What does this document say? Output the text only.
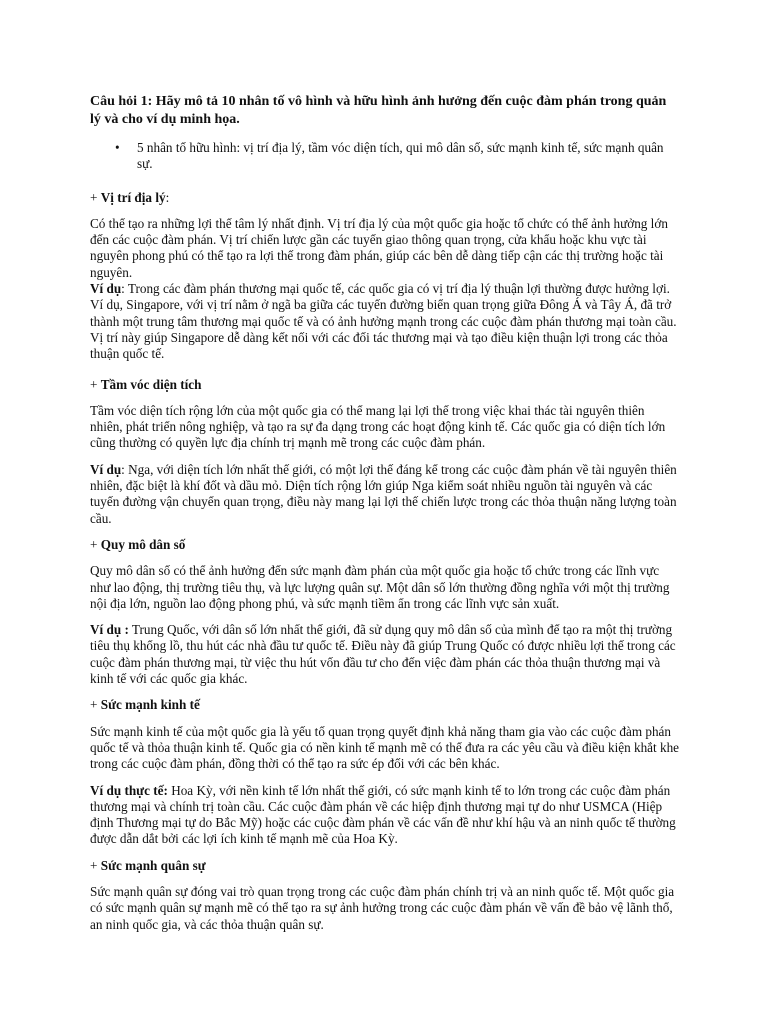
Câu hỏi 1: Hãy mô tả 10 nhân tố vô hình và hữu hình ảnh hưởng đến cuộc đàm phán trong quản lý và cho ví dụ minh họa.

•	5 nhân tố hữu hình: vị trí địa lý, tầm vóc diện tích, qui mô dân số, sức mạnh kinh tế, sức mạnh quân sự.

+ Vị trí địa lý:

Có thể tạo ra những lợi thế tâm lý nhất định. Vị trí địa lý của một quốc gia hoặc tổ chức có thể ảnh hưởng lớn đến các cuộc đàm phán. Vị trí chiến lược gần các tuyến giao thông quan trọng, cửa khẩu hoặc khu vực tài nguyên phong phú có thể tạo ra lợi thế trong đàm phán, giúp các bên dễ dàng tiếp cận các thị trường hoặc tài nguyên.

Ví dụ: Trong các đàm phán thương mại quốc tế, các quốc gia có vị trí địa lý thuận lợi thường được hưởng lợi. Ví dụ, Singapore, với vị trí nằm ở ngã ba giữa các tuyến đường biển quan trọng giữa Đông Á và Tây Á, đã trở thành một trung tâm thương mại quốc tế và có ảnh hưởng mạnh trong các cuộc đàm phán thương mại toàn cầu. Vị trí này giúp Singapore dễ dàng kết nối với các đối tác thương mại và tạo điều kiện thuận lợi trong các thỏa thuận quốc tế.

+ Tầm vóc diện tích

Tầm vóc diện tích rộng lớn của một quốc gia có thể mang lại lợi thế trong việc khai thác tài nguyên thiên nhiên, phát triển nông nghiệp, và tạo ra sự đa dạng trong các hoạt động kinh tế. Các quốc gia có diện tích lớn cũng thường có quyền lực địa chính trị mạnh mẽ trong các cuộc đàm phán.

Ví dụ: Nga, với diện tích lớn nhất thế giới, có một lợi thế đáng kể trong các cuộc đàm phán về tài nguyên thiên nhiên, đặc biệt là khí đốt và dầu mỏ. Diện tích rộng lớn giúp Nga kiểm soát nhiều nguồn tài nguyên và các tuyến đường vận chuyển quan trọng, điều này mang lại lợi thế chiến lược trong các thỏa thuận năng lượng toàn cầu.

+ Quy mô dân số

Quy mô dân số có thể ảnh hưởng đến sức mạnh đàm phán của một quốc gia hoặc tổ chức trong các lĩnh vực như lao động, thị trường tiêu thụ, và lực lượng quân sự. Một dân số lớn thường đồng nghĩa với một thị trường nội địa lớn, nguồn lao động phong phú, và sức mạnh tiềm ẩn trong các lĩnh vực sản xuất.

Ví dụ : Trung Quốc, với dân số lớn nhất thế giới, đã sử dụng quy mô dân số của mình để tạo ra một thị trường tiêu thụ khổng lồ, thu hút các nhà đầu tư quốc tế. Điều này đã giúp Trung Quốc có được nhiều lợi thế trong các cuộc đàm phán thương mại, từ việc thu hút vốn đầu tư cho đến việc đàm phán các thỏa thuận thương mại và kinh tế với các quốc gia khác.

+ Sức mạnh kinh tế

Sức mạnh kinh tế của một quốc gia là yếu tố quan trọng quyết định khả năng tham gia vào các cuộc đàm phán quốc tế và thỏa thuận kinh tế. Quốc gia có nền kinh tế mạnh mẽ có thể đưa ra các yêu cầu và điều kiện khắt khe trong các cuộc đàm phán, đồng thời có thể tạo ra sức ép đối với các bên khác.

Ví dụ thực tế: Hoa Kỳ, với nền kinh tế lớn nhất thế giới, có sức mạnh kinh tế to lớn trong các cuộc đàm phán thương mại và chính trị toàn cầu. Các cuộc đàm phán về các hiệp định thương mại tự do như USMCA (Hiệp định Thương mại tự do Bắc Mỹ) hoặc các cuộc đàm phán về các vấn đề như khí hậu và an ninh quốc tế thường được dẫn dắt bởi các lợi ích kinh tế mạnh mẽ của Hoa Kỳ.

+ Sức mạnh quân sự

Sức mạnh quân sự đóng vai trò quan trọng trong các cuộc đàm phán chính trị và an ninh quốc tế. Một quốc gia có sức mạnh quân sự mạnh mẽ có thể tạo ra sự ảnh hưởng trong các cuộc đàm phán về vấn đề bảo vệ lãnh thổ, an ninh quốc gia, và các thỏa thuận quân sự.
